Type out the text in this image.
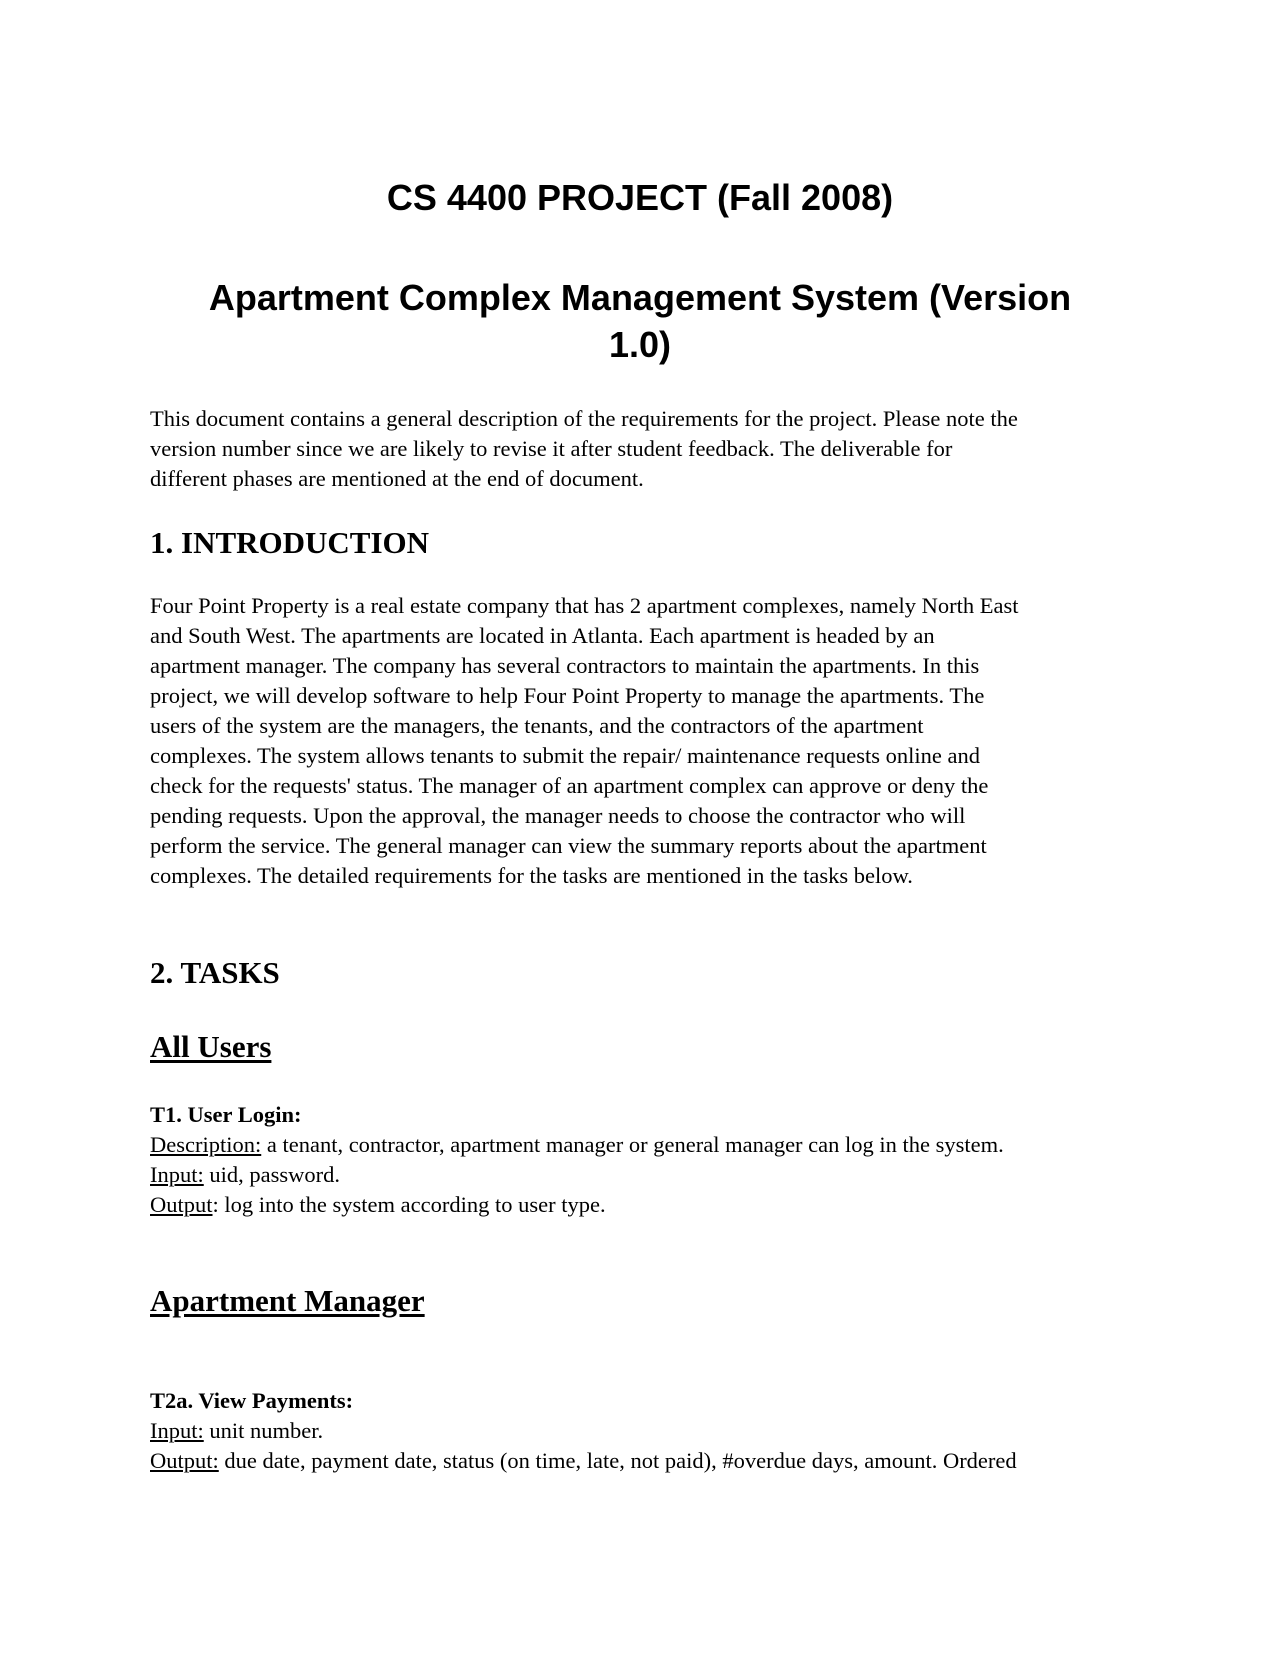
CS 4400 PROJECT (Fall 2008)
Apartment Complex Management System (Version
1.0)

This document contains a general description of the requirements for the project. Please note the
version number since we are likely to revise it after student feedback. The deliverable for
different phases are mentioned at the end of document.

1. INTRODUCTION

Four Point Property is a real estate company that has 2 apartment complexes, namely North East
and South West. The apartments are located in Atlanta. Each apartment is headed by an
apartment manager. The company has several contractors to maintain the apartments. In this
project, we will develop software to help Four Point Property to manage the apartments. The
users of the system are the managers, the tenants, and the contractors of the apartment
complexes. The system allows tenants to submit the repair/ maintenance requests online and
check for the requests' status. The manager of an apartment complex can approve or deny the
pending requests. Upon the approval, the manager needs to choose the contractor who will
perform the service. The general manager can view the summary reports about the apartment
complexes. The detailed requirements for the tasks are mentioned in the tasks below.

2. TASKS
All Users
T1. User Login:

Description: a tenant, contractor, apartment manager or general manager can log in the system.

Input: uid, password.

Output: log into the system according to user type.

Apartment Manager
T2a. View Payments:

Input: unit number.

Output: due date, payment date, status (on time, late, not paid), #overdue days, amount. Ordered
